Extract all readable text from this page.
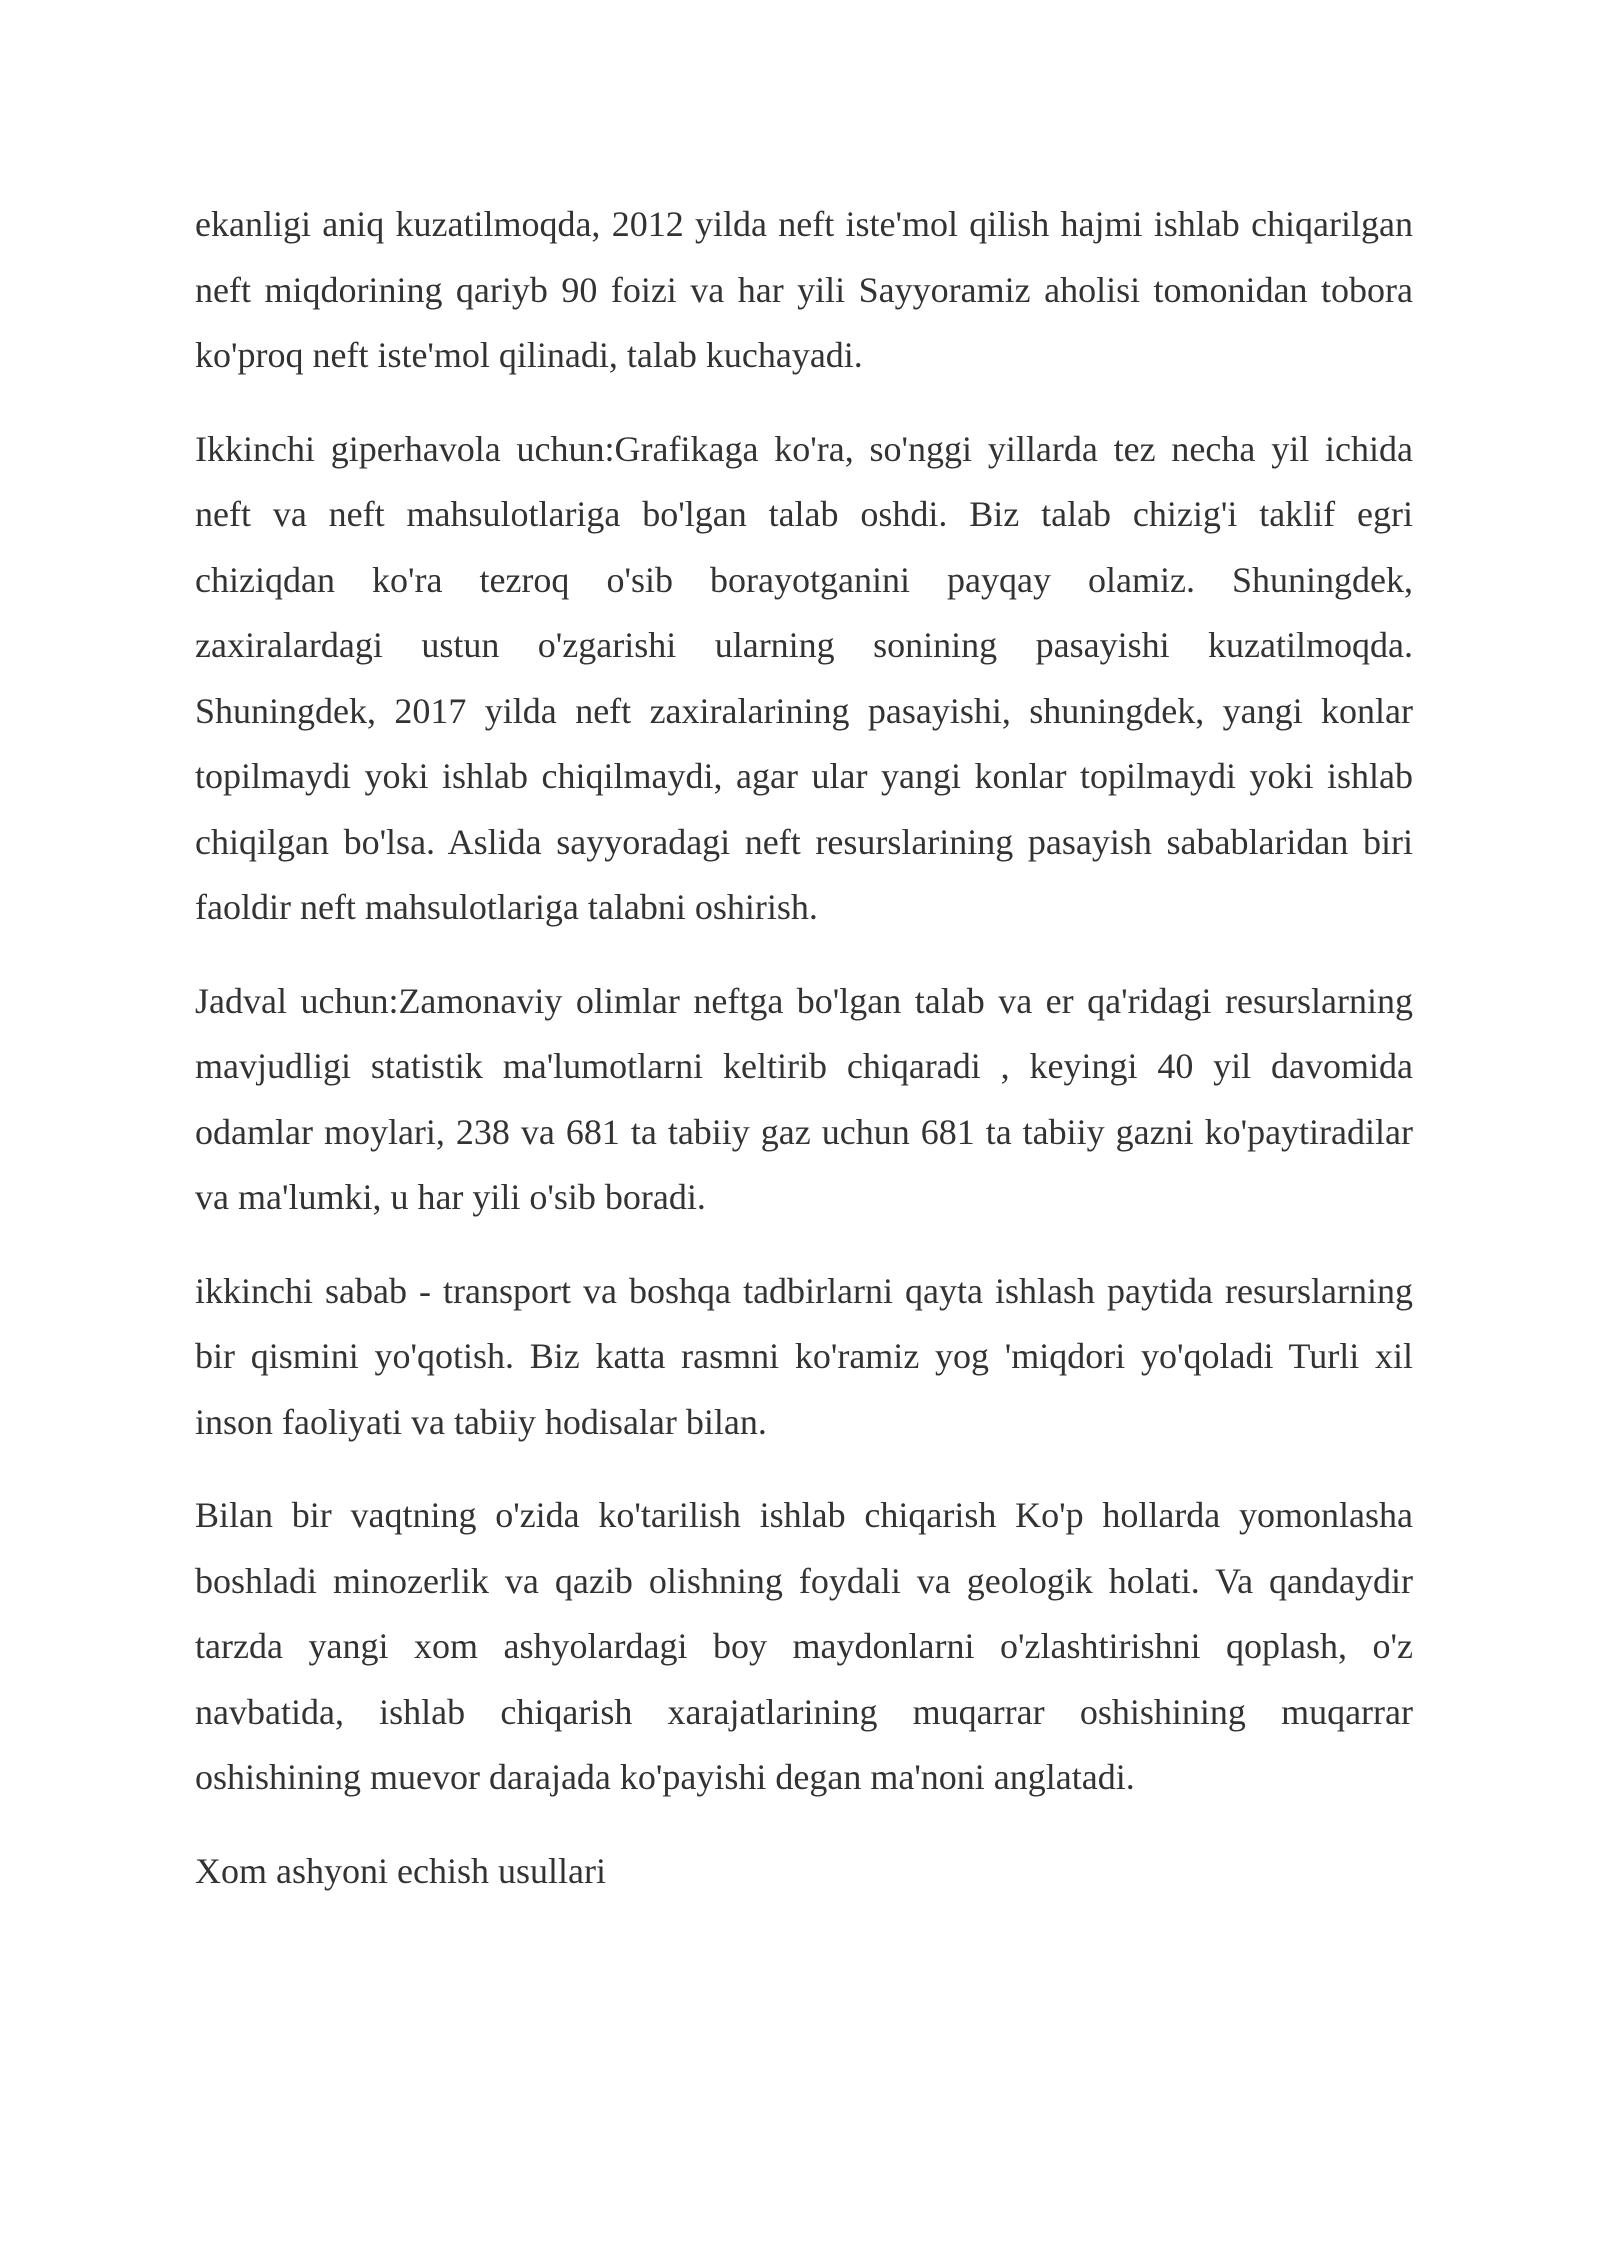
ekanligi aniq kuzatilmoqda, 2012 yilda neft iste'mol qilish hajmi ishlab chiqarilgan neft miqdorining qariyb 90 foizi va har yili Sayyoramiz aholisi tomonidan tobora ko'proq neft iste'mol qilinadi, talab kuchayadi.

Ikkinchi giperhavola uchun:Grafikaga ko'ra, so'nggi yillarda tez necha yil ichida neft va neft mahsulotlariga bo'lgan talab oshdi. Biz talab chizig'i taklif egri chiziqdan ko'ra tezroq o'sib borayotganini payqay olamiz. Shuningdek, zaxiralardagi ustun o'zgarishi ularning sonining pasayishi kuzatilmoqda. Shuningdek, 2017 yilda neft zaxiralarining pasayishi, shuningdek, yangi konlar topilmaydi yoki ishlab chiqilmaydi, agar ular yangi konlar topilmaydi yoki ishlab chiqilgan bo'lsa. Aslida sayyoradagi neft resurslarining pasayish sabablaridan biri faoldir neft mahsulotlariga talabni oshirish.

Jadval uchun:Zamonaviy olimlar neftga bo'lgan talab va er qa'ridagi resurslarning mavjudligi statistik ma'lumotlarni keltirib chiqaradi , keyingi 40 yil davomida odamlar moylari, 238 va 681 ta tabiiy gaz uchun 681 ta tabiiy gazni ko'paytiradilar va ma'lumki, u har yili o'sib boradi.

ikkinchi sabab - transport va boshqa tadbirlarni qayta ishlash paytida resurslarning bir qismini yo'qotish. Biz katta rasmni ko'ramiz yog 'miqdori yo'qoladi Turli xil inson faoliyati va tabiiy hodisalar bilan.

Bilan bir vaqtning o'zida ko'tarilish ishlab chiqarish Ko'p hollarda yomonlasha boshladi minozerlik va qazib olishning foydali va geologik holati. Va qandaydir tarzda yangi xom ashyolardagi boy maydonlarni o'zlashtirishni qoplash, o'z navbatida, ishlab chiqarish xarajatlarining muqarrar oshishining muqarrar oshishining muevor darajada ko'payishi degan ma'noni anglatadi.

Xom ashyoni echish usullari
